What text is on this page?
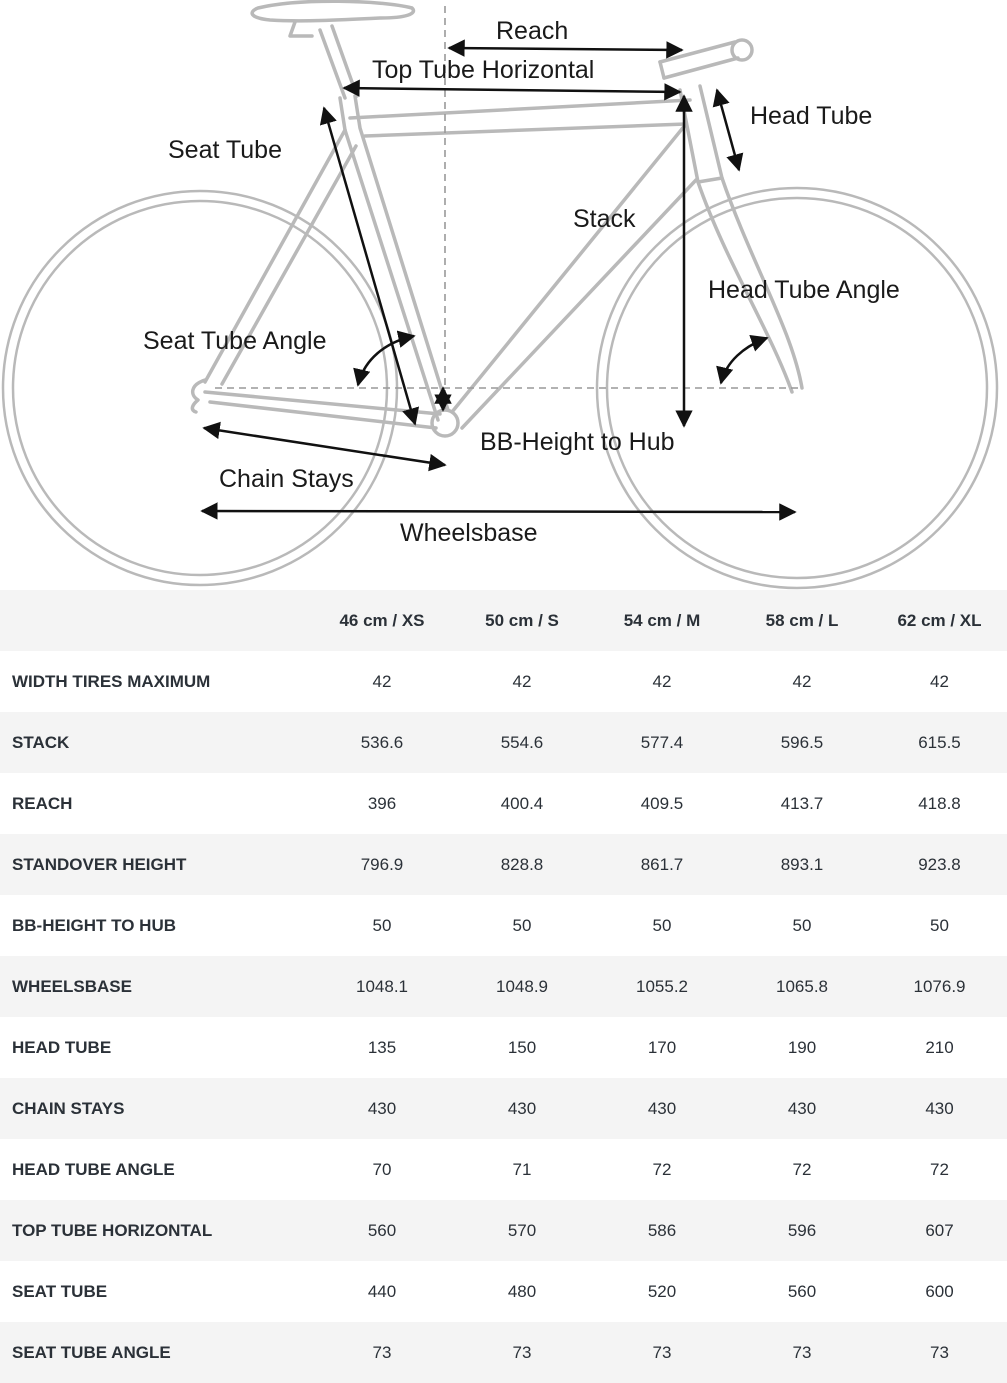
Reach
Top Tube Horizontal
Head Tube
Seat Tube
Stack
Head Tube Angle
Seat Tube Angle
BB-Height to Hub
Chain Stays
Wheelsbase
	46 cm / XS	50 cm / S	54 cm / M	58 cm / L	62 cm / XL
WIDTH TIRES MAXIMUM	42	42	42	42	42
STACK	536.6	554.6	577.4	596.5	615.5
REACH	396	400.4	409.5	413.7	418.8
STANDOVER HEIGHT	796.9	828.8	861.7	893.1	923.8
BB-HEIGHT TO HUB	50	50	50	50	50
WHEELSBASE	1048.1	1048.9	1055.2	1065.8	1076.9
HEAD TUBE	135	150	170	190	210
CHAIN STAYS	430	430	430	430	430
HEAD TUBE ANGLE	70	71	72	72	72
TOP TUBE HORIZONTAL	560	570	586	596	607
SEAT TUBE	440	480	520	560	600
SEAT TUBE ANGLE	73	73	73	73	73
